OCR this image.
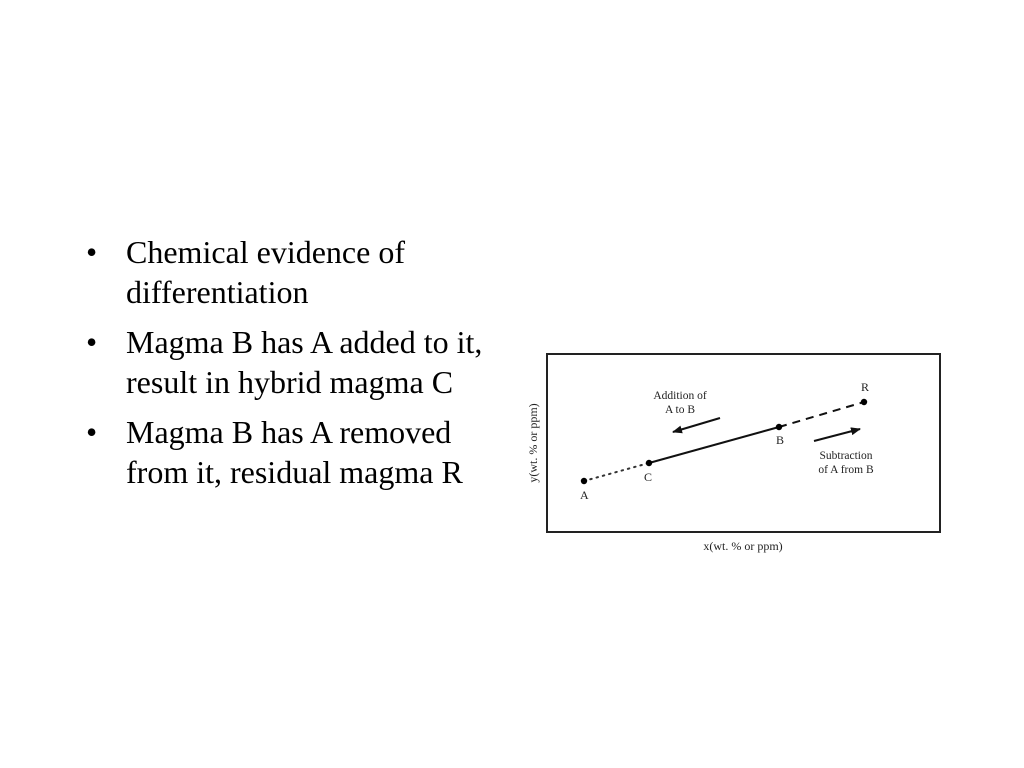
• Chemical evidence of differentiation
• Magma B has A added to it, result in hybrid magma C
• Magma B has A removed from it, residual magma R
A
C
B
R
Addition of
A to B
Subtraction
of A from B
x(wt. % or ppm)
y(wt. % or ppm)
